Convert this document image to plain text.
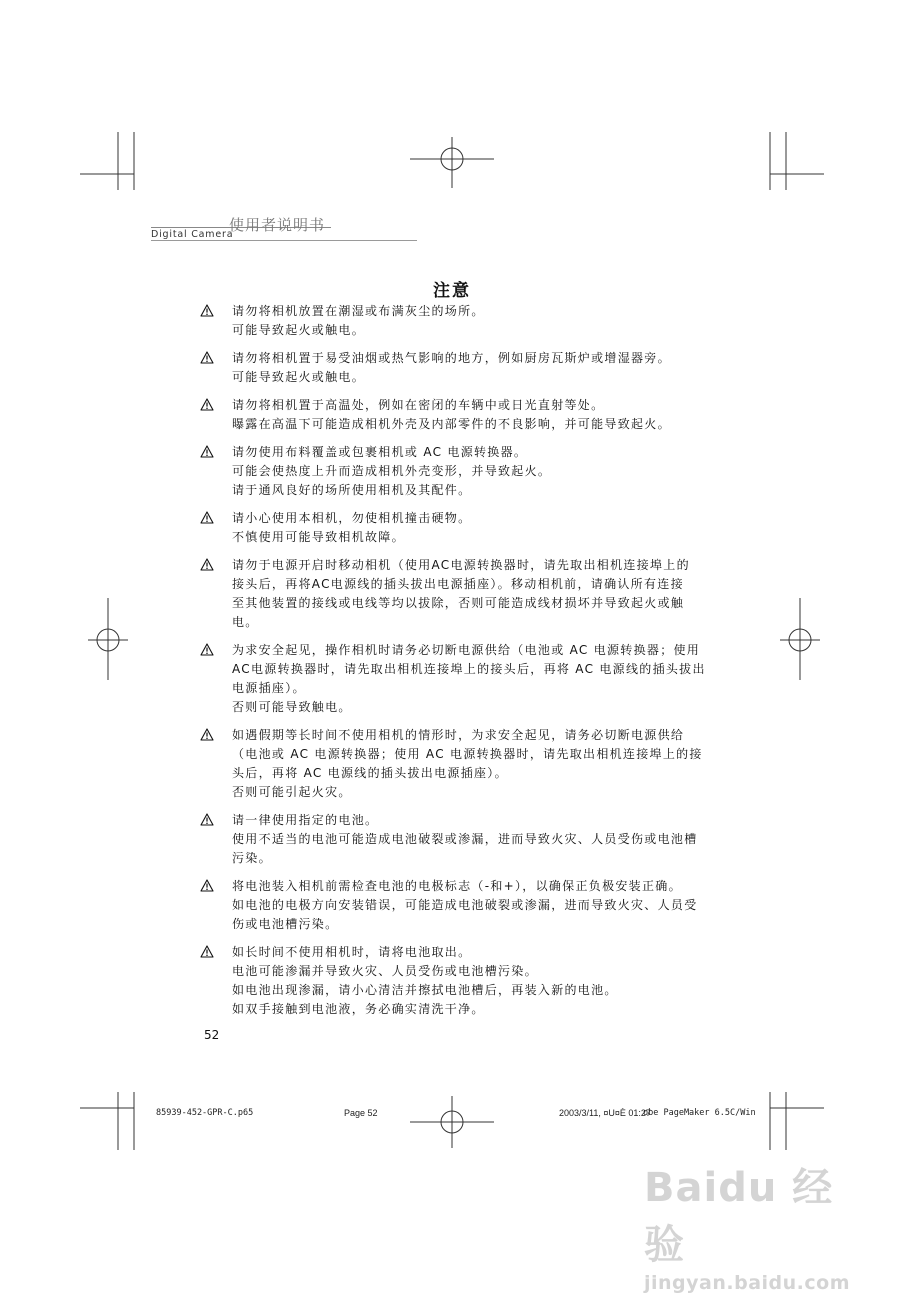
Digital Camera
使用者说明书
注意
请勿将相机放置在潮湿或布满灰尘的场所。
可能导致起火或触电。
请勿将相机置于易受油烟或热气影响的地方，例如厨房瓦斯炉或增湿器旁。
可能导致起火或触电。
请勿将相机置于高温处，例如在密闭的车辆中或日光直射等处。
曝露在高温下可能造成相机外壳及内部零件的不良影响，并可能导致起火。
请勿使用布料覆盖或包裹相机或 AC 电源转换器。
可能会使热度上升而造成相机外壳变形，并导致起火。
请于通风良好的场所使用相机及其配件。
请小心使用本相机，勿使相机撞击硬物。
不慎使用可能导致相机故障。
请勿于电源开启时移动相机（使用AC电源转换器时，请先取出相机连接埠上的
接头后，再将AC电源线的插头拔出电源插座）。移动相机前，请确认所有连接
至其他装置的接线或电线等均以拔除，否则可能造成线材损坏并导致起火或触
电。
为求安全起见，操作相机时请务必切断电源供给（电池或 AC 电源转换器；使用
AC电源转换器时，请先取出相机连接埠上的接头后，再将 AC 电源线的插头拔出
电源插座）。
否则可能导致触电。
如遇假期等长时间不使用相机的情形时，为求安全起见，请务必切断电源供给
（电池或 AC 电源转换器；使用 AC 电源转换器时，请先取出相机连接埠上的接
头后，再将 AC 电源线的插头拔出电源插座）。
否则可能引起火灾。
请一律使用指定的电池。
使用不适当的电池可能造成电池破裂或渗漏，进而导致火灾、人员受伤或电池槽
污染。
将电池装入相机前需检查电池的电极标志（-和+），以确保正负极安装正确。
如电池的电极方向安装错误，可能造成电池破裂或渗漏，进而导致火灾、人员受
伤或电池槽污染。
如长时间不使用相机时，请将电池取出。
电池可能渗漏并导致火灾、人员受伤或电池槽污染。
如电池出现渗漏，请小心清洁并擦拭电池槽后，再装入新的电池。
如双手接触到电池液，务必确实清洗干净。
52
85939-452-GPR-C.p65	Page 52	2003/3/11, ¤U¤È 01:27
obe PageMaker 6.5C/Win
Baidu 经验
jingyan.baidu.com
